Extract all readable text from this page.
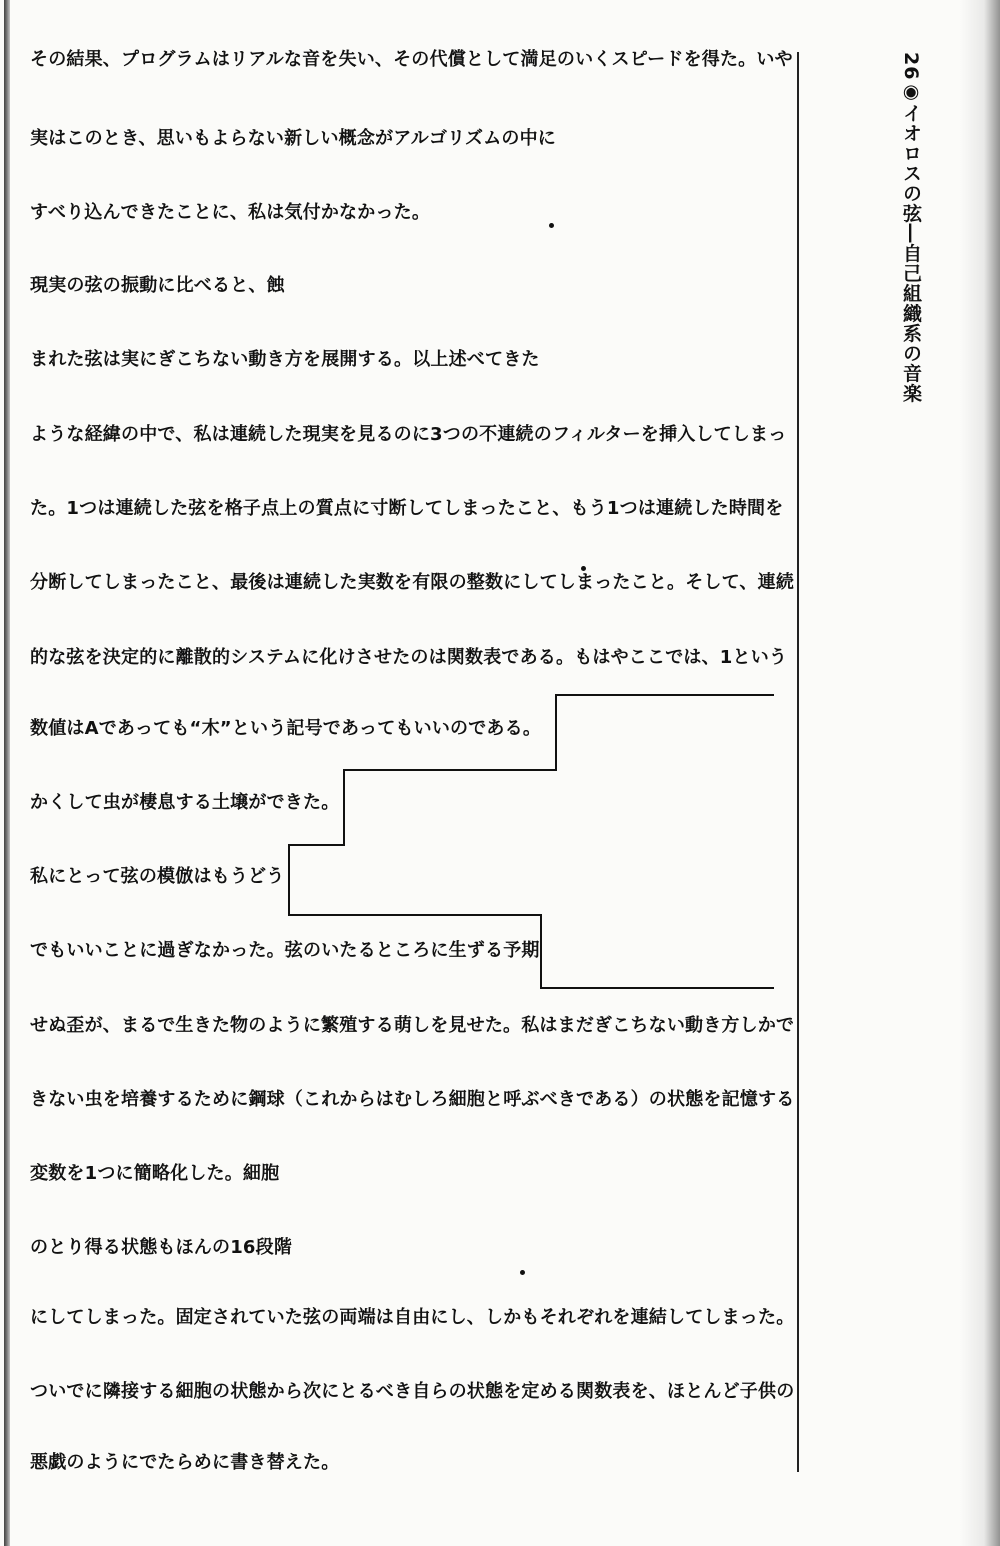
その結果、プログラムはリアルな音を失い、その代償として満足のいくスピードを得た。いや
実はこのとき、思いもよらない新しい概念がアルゴリズムの中に
すべり込んできたことに、私は気付かなかった。
現実の弦の振動に比べると、蝕
まれた弦は実にぎこちない動き方を展開する。以上述べてきた
ような経緯の中で、私は連続した現実を見るのに3つの不連続のフィルターを挿入してしまっ
た。1つは連続した弦を格子点上の質点に寸断してしまったこと、もう1つは連続した時間を
分断してしまったこと、最後は連続した実数を有限の整数にしてしまったこと。そして、連続
的な弦を決定的に離散的システムに化けさせたのは関数表である。もはやここでは、1という
数値はAであっても“木”という記号であってもいいのである。
かくして虫が棲息する土壌ができた。
私にとって弦の模倣はもうどう
でもいいことに過ぎなかった。弦のいたるところに生ずる予期
せぬ歪が、まるで生きた物のように繁殖する萌しを見せた。私はまだぎこちない動き方しかで
きない虫を培養するために鋼球（これからはむしろ細胞と呼ぶべきである）の状態を記憶する
変数を1つに簡略化した。細胞
のとり得る状態もほんの16段階
にしてしまった。固定されていた弦の両端は自由にし、しかもそれぞれを連結してしまった。
ついでに隣接する細胞の状態から次にとるべき自らの状態を定める関数表を、ほとんど子供の
悪戯のようにでたらめに書き替えた。
26◉イオロスの弦―自己組織系の音楽
